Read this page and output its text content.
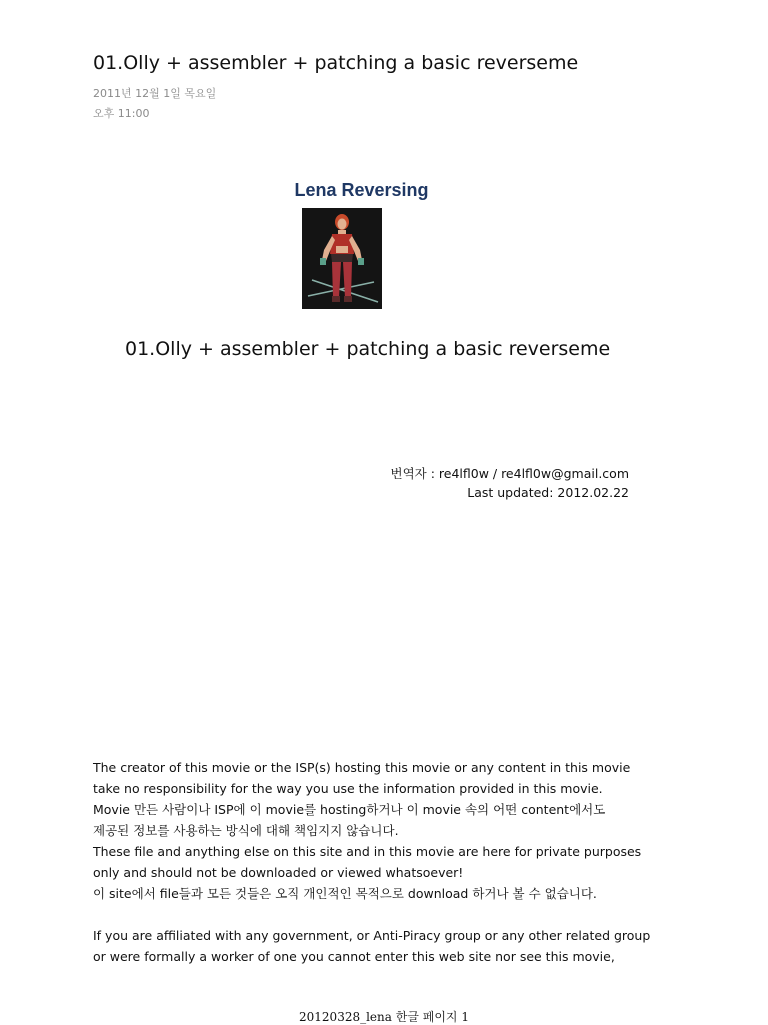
01.Olly + assembler + patching a basic reverseme
2011년 12월 1일 목요일
오후 11:00
Lena Reversing
01.Olly + assembler + patching a basic reverseme
번역자 : re4lfl0w / re4lfl0w@gmail.com
Last updated: 2012.02.22

The creator of this movie or the ISP(s) hosting this movie or any content in this movie

take no responsibility for the way you use the information provided in this movie.

Movie 만든 사람이나 ISP에 이 movie를 hosting하거나 이 movie 속의 어떤 content에서도

제공된 정보를 사용하는 방식에 대해 책임지지 않습니다.

These file and anything else on this site and in this movie are here for private purposes

only and should not be downloaded or viewed whatsoever!

이 site에서 file들과 모든 것들은 오직 개인적인 목적으로 download 하거나 볼 수 없습니다.

If you are affiliated with any government, or Anti-Piracy group or any other related group

or were formally a worker of one you cannot enter this web site nor see this movie,

20120328_lena 한글 페이지 1
